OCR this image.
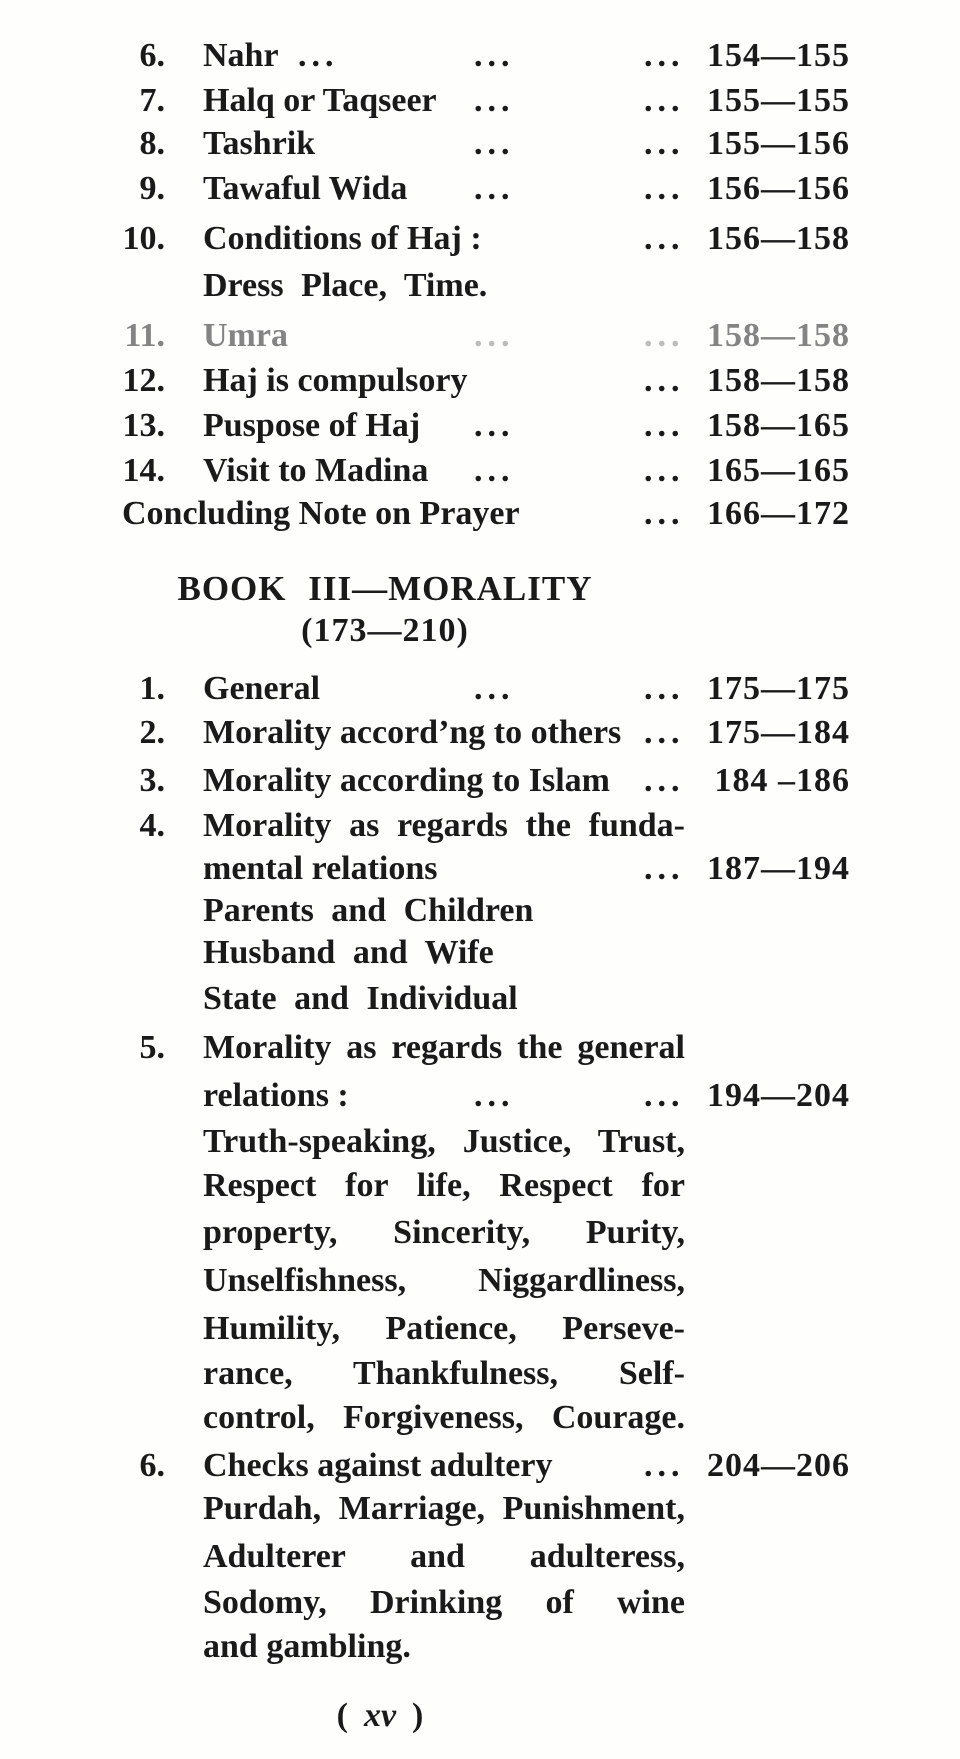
6. Nahr ...	...	... 154—155
7. Halq or Taqseer ...	... 155—155
8. Tashrik	...	... 155—156
9. Tawaful Wida ...	... 156—156
10. Conditions of Haj :	... 156—158
Dress Place, Time.
11. Umra	...	... 158—158
12. Haj is compulsory	... 158—158
13. Puspose of Haj ...	... 158—165
14. Visit to Madina ...	... 165—165
Concluding Note on Prayer	... 166—172
BOOK III—MORALITY
(173—210)
1. General	...	... 175—175
2. Morality accord’ng to others ... 175—184
3. Morality according to Islam ... 184 –186
4. Morality as regards the funda-
mental relations	... 187—194
Parents and Children
Husband and Wife
State and Individual
5. Morality as regards the general
relations :	...	... 194—204
Truth-speaking, Justice, Trust,
Respect for life, Respect for
property, Sincerity, Purity,
Unselfishness, Niggardliness,
Humility, Patience, Perseve-
rance, Thankfulness, Self-
control, Forgiveness, Courage.
6. Checks against adultery	... 204—206
Purdah, Marriage, Punishment,
Adulterer and adulteress,
Sodomy, Drinking of wine
and gambling.
( xv )
